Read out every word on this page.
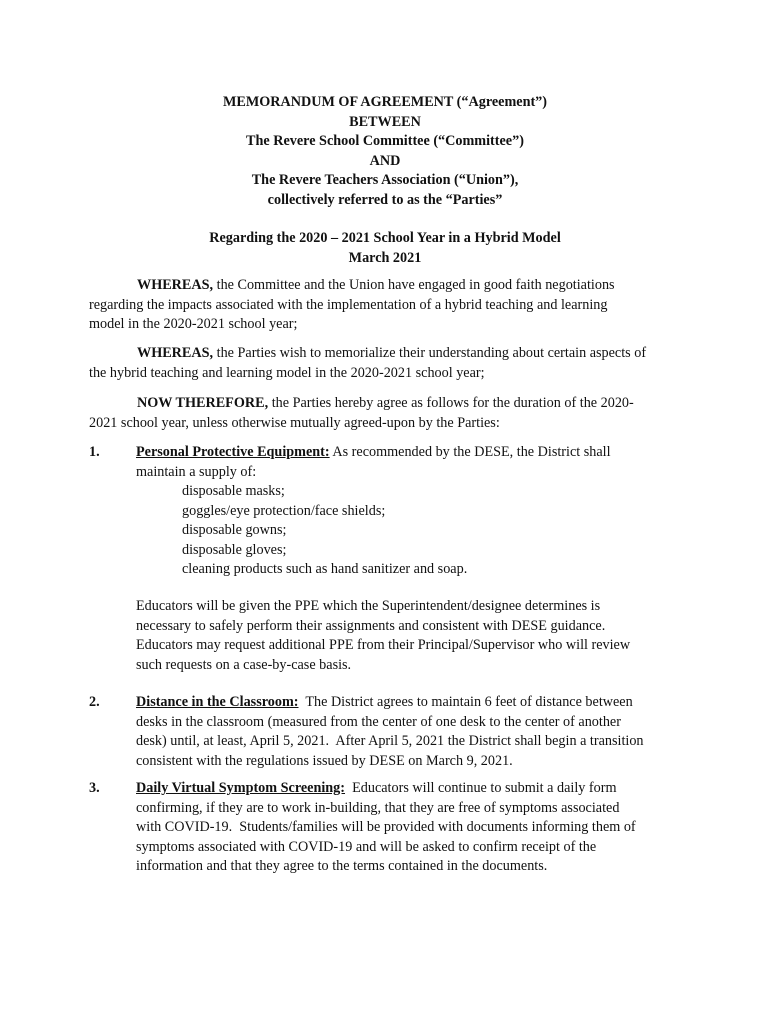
MEMORANDUM OF AGREEMENT (“Agreement”)
BETWEEN
The Revere School Committee (“Committee”)
AND
The Revere Teachers Association (“Union”),
collectively referred to as the “Parties”
Regarding the 2020 – 2021 School Year in a Hybrid Model
March 2021
WHEREAS, the Committee and the Union have engaged in good faith negotiations
regarding the impacts associated with the implementation of a hybrid teaching and learning
model in the 2020-2021 school year;
WHEREAS, the Parties wish to memorialize their understanding about certain aspects of
the hybrid teaching and learning model in the 2020-2021 school year;
NOW THEREFORE, the Parties hereby agree as follows for the duration of the 2020-
2021 school year, unless otherwise mutually agreed-upon by the Parties:
1.	Personal Protective Equipment: As recommended by the DESE, the District shall
maintain a supply of:
disposable masks;
goggles/eye protection/face shields;
disposable gowns;
disposable gloves;
cleaning products such as hand sanitizer and soap.
Educators will be given the PPE which the Superintendent/designee determines is
necessary to safely perform their assignments and consistent with DESE guidance.
Educators may request additional PPE from their Principal/Supervisor who will review
such requests on a case-by-case basis.
2.	Distance in the Classroom:  The District agrees to maintain 6 feet of distance between
desks in the classroom (measured from the center of one desk to the center of another
desk) until, at least, April 5, 2021.  After April 5, 2021 the District shall begin a transition
consistent with the regulations issued by DESE on March 9, 2021.
3.	Daily Virtual Symptom Screening:  Educators will continue to submit a daily form
confirming, if they are to work in-building, that they are free of symptoms associated
with COVID-19.  Students/families will be provided with documents informing them of
symptoms associated with COVID-19 and will be asked to confirm receipt of the
information and that they agree to the terms contained in the documents.
